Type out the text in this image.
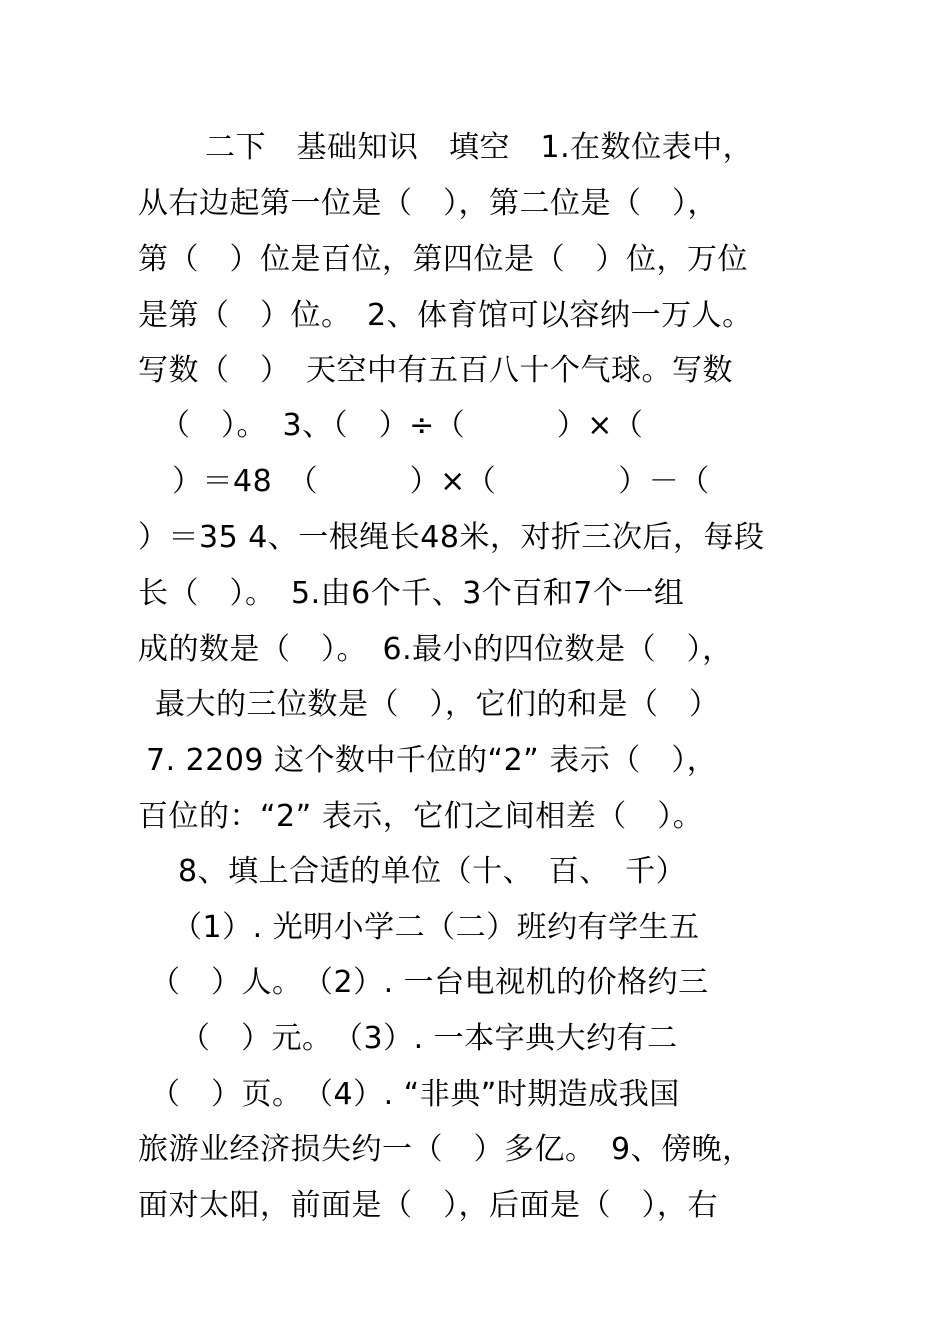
二下　基础知识　填空　1.在数位表中，
从右边起第一位是（　），第二位是（　），
第（　）位是百位，第四位是（　）位，万位
是第（　）位。　2、体育馆可以容纳一万人。
写数（　）　天空中有五百八十个气球。写数
（　）。　3、（　）÷（　　　）×（
）＝48　（　　　）×（　　　　）－（
）＝35 4、一根绳长48米，对折三次后，每段
长（　）。　5.由6个千、3个百和7个一组
成的数是（　）。　6.最小的四位数是（　），
最大的三位数是（　），它们的和是（　）
7. 2209 这个数中千位的“2” 表示（　），
百位的：“2” 表示，它们之间相差（　）。
8、填上合适的单位（十、　百、　千）
（1）. 光明小学二（二）班约有学生五
（　）人。　（2）. 一台电视机的价格约三
（　）元。　（3）. 一本字典大约有二
（　）页。　（4）. “非典”时期造成我国
旅游业经济损失约一（　）多亿。　9、傍晚，
面对太阳，前面是（　），后面是（　），右
